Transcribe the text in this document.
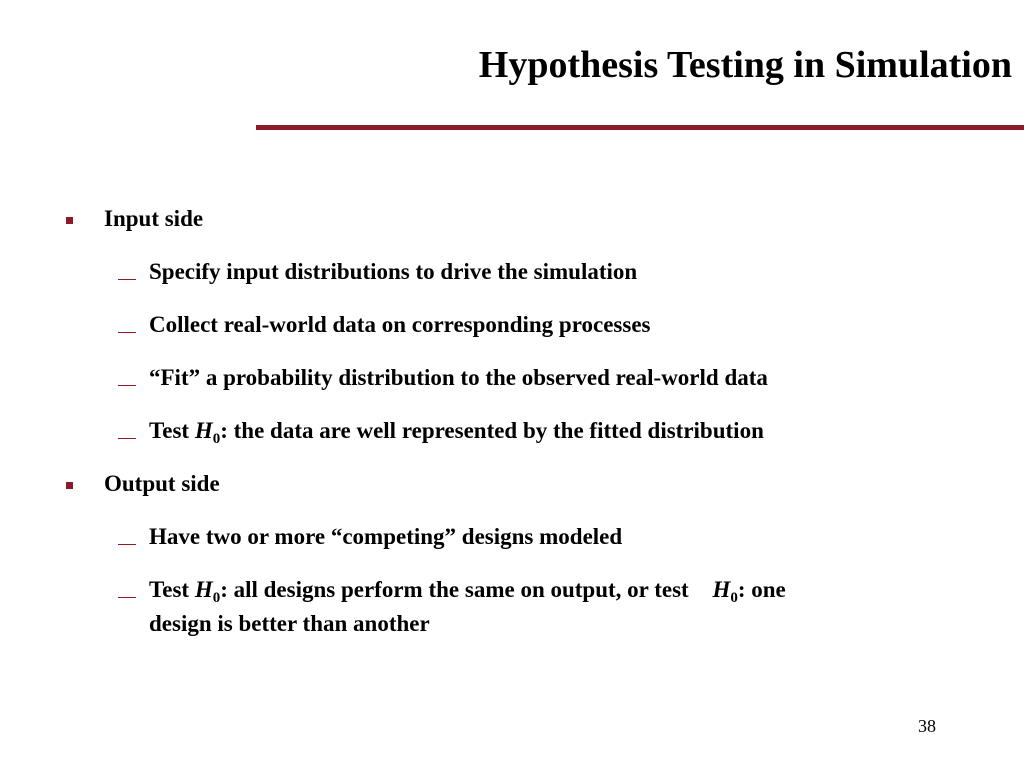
Hypothesis Testing in Simulation
Input side
Specify input distributions to drive the simulation
Collect real-world data on corresponding processes
“Fit” a probability distribution to the observed real-world data
Test $H_0$: the data are well represented by the fitted distribution
Output side
Have two or more “competing” designs modeled
Test $H_0$: all designs perform the same on output, or test $H_0$: one
design is better than another
38
